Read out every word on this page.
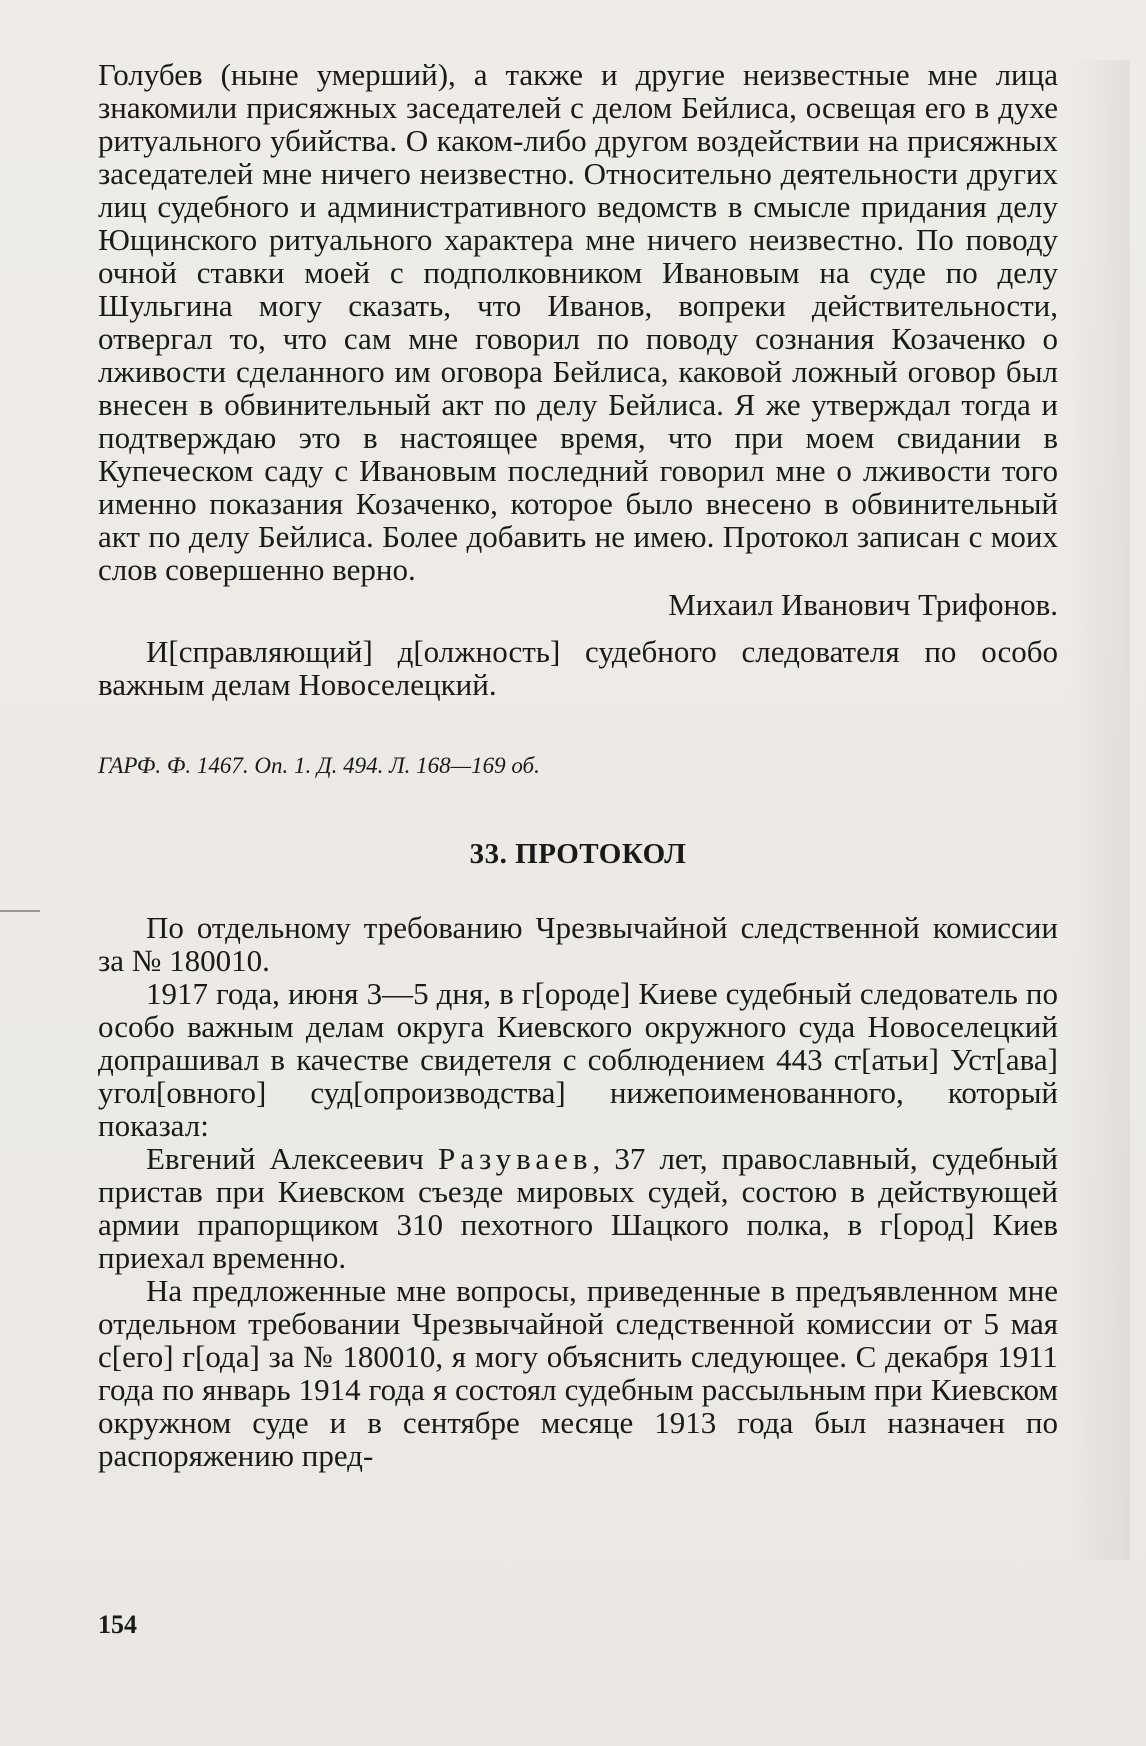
Голубев (ныне умерший), а также и другие неизвестные мне лица знакомили присяжных заседателей с делом Бейлиса, освещая его в духе ритуального убийства. О каком-либо другом воздействии на присяжных заседателей мне ничего неизвестно. Относительно деятельности других лиц судебного и административного ведомств в смысле придания делу Ющинского ритуального характера мне ничего неизвестно. По поводу очной ставки моей с подполковником Ивановым на суде по делу Шульгина могу сказать, что Иванов, вопреки действительности, отвергал то, что сам мне говорил по поводу сознания Козаченко о лживости сделанного им оговора Бейлиса, каковой ложный оговор был внесен в обвинительный акт по делу Бейлиса. Я же утверждал тогда и подтверждаю это в настоящее время, что при моем свидании в Купеческом саду с Ивановым последний говорил мне о лживости того именно показания Козаченко, которое было внесено в обвинительный акт по делу Бейлиса. Более добавить не имею. Протокол записан с моих слов совершенно верно.

Михаил Иванович Трифонов.

И[справляющий] д[олжность] судебного следователя по особо важным делам Новоселецкий.

ГАРФ. Ф. 1467. Оп. 1. Д. 494. Л. 168—169 об.

33. ПРОТОКОЛ

По отдельному требованию Чрезвычайной следственной комиссии за № 180010.

1917 года, июня 3—5 дня, в г[ороде] Киеве судебный следователь по особо важным делам округа Киевского окружного суда Новоселецкий допрашивал в качестве свидетеля с соблюдением 443 ст[атьи] Уст[ава] угол[овного] суд[опроизводства] нижепоименованного, который показал:

Евгений Алексеевич Разуваев, 37 лет, православный, судебный пристав при Киевском съезде мировых судей, состою в действующей армии прапорщиком 310 пехотного Шацкого полка, в г[ород] Киев приехал временно.

На предложенные мне вопросы, приведенные в предъявленном мне отдельном требовании Чрезвычайной следственной комиссии от 5 мая с[его] г[ода] за № 180010, я могу объяснить следующее. С декабря 1911 года по январь 1914 года я состоял судебным рассыльным при Киевском окружном суде и в сентябре месяце 1913 года был назначен по распоряжению пред-

154
